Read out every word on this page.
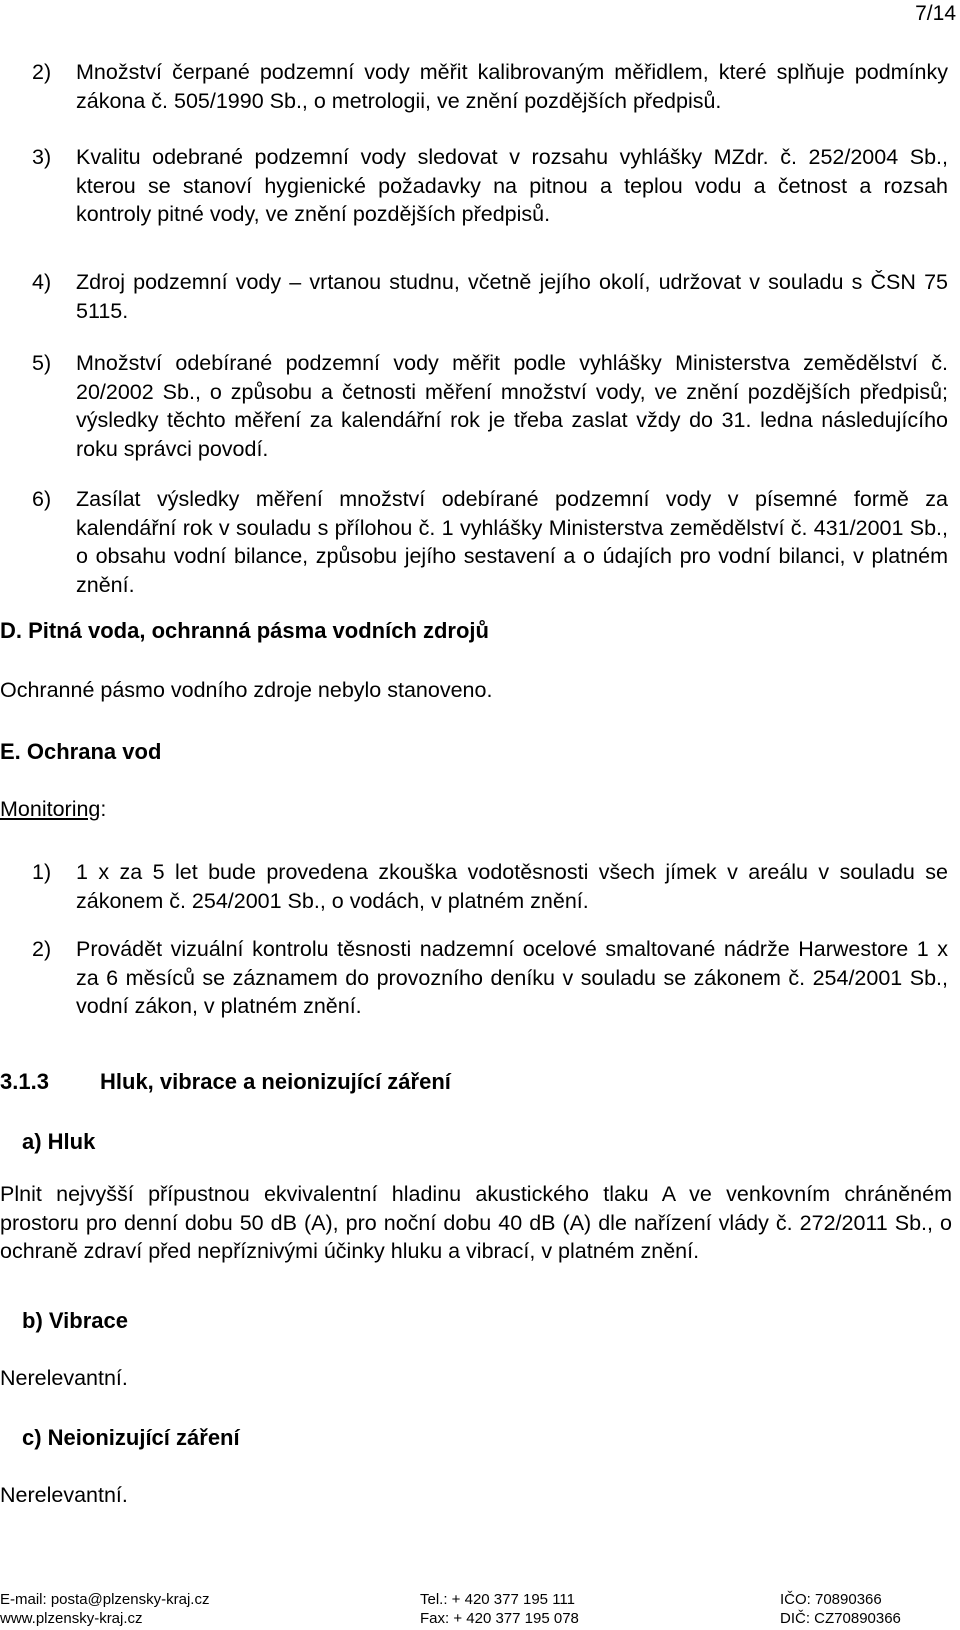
7/14
2) Množství čerpané podzemní vody měřit kalibrovaným měřidlem, které splňuje podmínky zákona č. 505/1990 Sb., o metrologii, ve znění pozdějších předpisů.
3) Kvalitu odebrané podzemní vody sledovat v rozsahu vyhlášky MZdr. č. 252/2004 Sb., kterou se stanoví hygienické požadavky na pitnou a teplou vodu a četnost a rozsah kontroly pitné vody, ve znění pozdějších předpisů.
4) Zdroj podzemní vody – vrtanou studnu, včetně jejího okolí, udržovat v souladu s ČSN 75 5115.
5) Množství odebírané podzemní vody měřit podle vyhlášky Ministerstva zemědělství č. 20/2002 Sb., o způsobu a četnosti měření množství vody, ve znění pozdějších předpisů; výsledky těchto měření za kalendářní rok je třeba zaslat vždy do 31. ledna následujícího roku správci povodí.
6) Zasílat výsledky měření množství odebírané podzemní vody v písemné formě za kalendářní rok v souladu s přílohou č. 1 vyhlášky Ministerstva zemědělství č. 431/2001 Sb., o obsahu vodní bilance, způsobu jejího sestavení a o údajích pro vodní bilanci, v platném znění.
D. Pitná voda, ochranná pásma vodních zdrojů
Ochranné pásmo vodního zdroje nebylo stanoveno.
E. Ochrana vod
Monitoring:
1) 1 x za 5 let bude provedena zkouška vodotěsnosti všech jímek v areálu v souladu se zákonem č. 254/2001 Sb., o vodách, v platném znění.
2) Provádět vizuální kontrolu těsnosti nadzemní ocelové smaltované nádrže Harwestore 1 x za 6 měsíců se záznamem do provozního deníku v souladu se zákonem č. 254/2001 Sb., vodní zákon, v platném znění.
3.1.3 Hluk, vibrace a neionizující záření
a) Hluk
Plnit nejvyšší přípustnou ekvivalentní hladinu akustického tlaku A ve venkovním chráněném prostoru pro denní dobu 50 dB (A), pro noční dobu 40 dB (A) dle nařízení vlády č. 272/2011 Sb., o ochraně zdraví před nepříznivými účinky hluku a vibrací, v platném znění.
b) Vibrace
Nerelevantní.
c) Neionizující záření
Nerelevantní.
E-mail: posta@plzensky-kraj.cz
www.plzensky-kraj.cz
Tel.: + 420 377 195 111
Fax: + 420 377 195 078
IČO: 70890366
DIČ: CZ70890366
